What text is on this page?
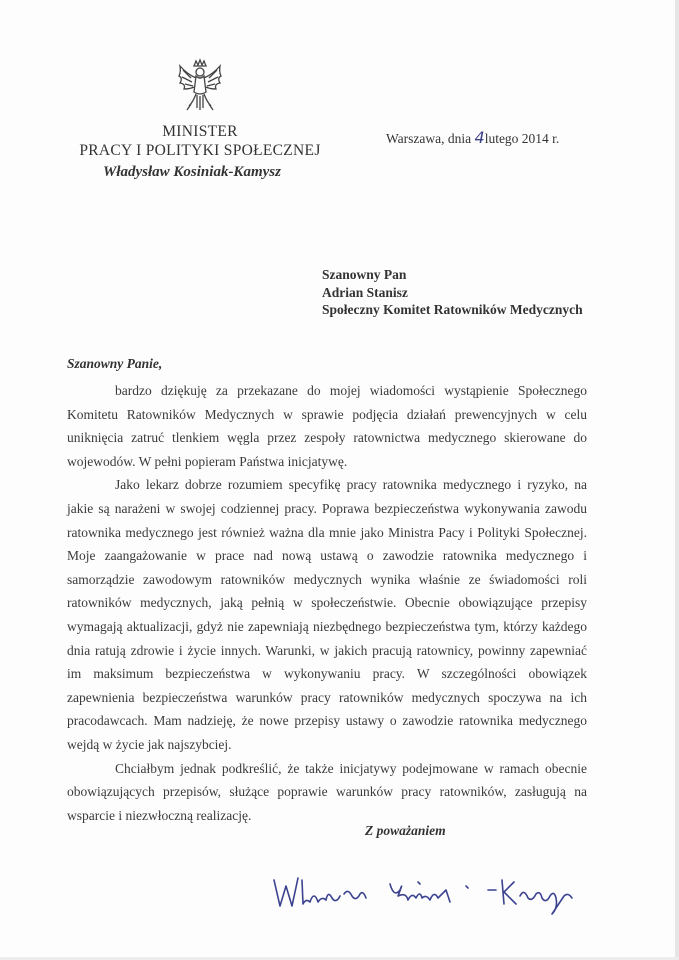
MINISTER
PRACY I POLITYKI SPOŁECZNEJ
Władysław Kosiniak-Kamysz
Warszawa, dnia 4lutego 2014 r.
Szanowny Pan
Adrian Stanisz
Społeczny Komitet Ratowników Medycznych
Szanowny Panie,

bardzo dziękuję za przekazane do mojej wiadomości wystąpienie Społecznego Komitetu Ratowników Medycznych w sprawie podjęcia działań prewencyjnych w celu uniknięcia zatruć tlenkiem węgla przez zespoły ratownictwa medycznego skierowane do wojewodów. W pełni popieram Państwa inicjatywę.

Jako lekarz dobrze rozumiem specyfikę pracy ratownika medycznego i ryzyko, na jakie są narażeni w swojej codziennej pracy. Poprawa bezpieczeństwa wykonywania zawodu ratownika medycznego jest również ważna dla mnie jako Ministra Pacy i Polityki Społecznej. Moje zaangażowanie w prace nad nową ustawą o zawodzie ratownika medycznego i samorządzie zawodowym ratowników medycznych wynika właśnie ze świadomości roli ratowników medycznych, jaką pełnią w społeczeństwie. Obecnie obowiązujące przepisy wymagają aktualizacji, gdyż nie zapewniają niezbędnego bezpieczeństwa tym, którzy każdego dnia ratują zdrowie i życie innych. Warunki, w jakich pracują ratownicy, powinny zapewniać im maksimum bezpieczeństwa w wykonywaniu pracy. W szczególności obowiązek zapewnienia bezpieczeństwa warunków pracy ratowników medycznych spoczywa na ich pracodawcach. Mam nadzieję, że nowe przepisy ustawy o zawodzie ratownika medycznego wejdą w życie jak najszybciej.

Chciałbym jednak podkreślić, że także inicjatywy podejmowane w ramach obecnie obowiązujących przepisów, służące poprawie warunków pracy ratowników, zasługują na wsparcie i niezwłoczną realizację.

Z poważaniem
